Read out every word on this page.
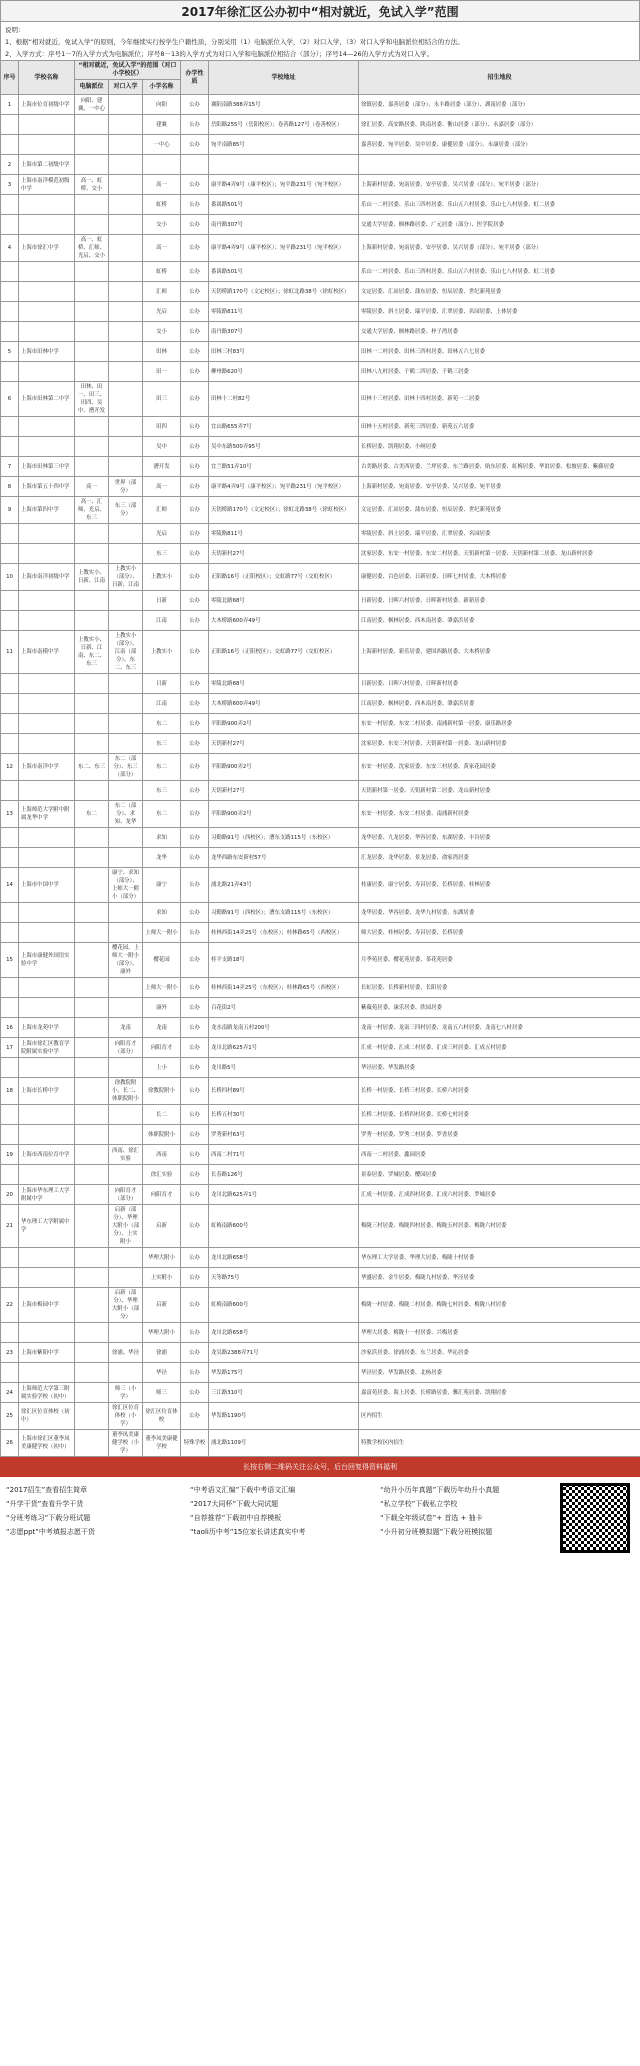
2017年徐汇区公办初中“相对就近，免试入学”范围
说明：
1、根据“相对就近，免试入学”的原则，今年继续实行按学生户籍性质，分别采用（1）电脑派位入学，（2）对口入学，（3）对口入学和电脑派位相结合的方法。
2、入学方式：序号1－7的入学方式为电脑派位；序号8－13的入学方式为对口入学和电脑派位相结合（部分）；序号14—26的入学方式为对口入学。
序号	学校名称	“相对就近，免试入学”的范围（对口小学校区）			办学性质	学校地址	招生地段
		电脑派位	对口入学	小学名称			
1	上海市位育初级中学	向阳、建襄、一中心		向阳	公办	襄阳南路388弄15号	徐镇居委、嘉善居委（部分）、永丰路居委（部分）、湖南居委（部分）
				建襄	公办	岳阳路255号（岳阳校区）；卷善路127号（卷善校区）	徐汇居委、高安路居委、陕南居委、衡山居委（部分）、永嘉居委（部分）
				一中心	公办	宛平南路85号	嘉善居委、宛平居委、吴中居委、康健居委（部分）、永康居委（部分）
2	上海市第二初级中学						
3	上海市南洋模范初级中学	高一、虹桥、交小		高一	公办	康平路4弄9号（康平校区）；宛平路231号（宛平校区）	上海新村居委、宛南居委、安亭居委、吴兴居委（部分）、宛平居委（部分）
				虹桥	公办	番禺路501号	乐山一二村居委、乐山三四村居委、乐山五六村居委、乐山七八村居委、虹二居委
				交小	公办	南丹路307号	交通大学居委、枫林路居委、广元居委（部分）、医学院居委
4	上海市徐汇中学	高一、虹桥、汇师、光启、交小		高一	公办	康平路4弄9号（康平校区）；宛平路231号（宛平校区）	上海新村居委、宛南居委、安亭居委、吴兴居委（部分）、宛平居委（部分）
				虹桥	公办	番禺路501号	乐山一二村居委、乐山三四村居委、乐山五六村居委、乐山七八村居委、虹二居委
				汇师	公办	天钥桥路170号（文定校区）；徐虹北路38号（徐虹校区）	文定居委、汇站居委、蒲东居委、恒辰居委、世纪新苑居委
				光启	公办	零陵路811号	零陵居委、斜土居委、瑞平居委、汇翠居委、名园居委、上体居委
				交小	公办	南丹路307号	交通大学居委、枫林路居委、梓子湾居委
5	上海市田林中学			田林	公办	田林三村83号	田林一二村居委、田林三四村居委、田林五六七居委
				田一	公办	柳州路620号	田林八九村居委、千鹤二四居委、千鹤三居委
6	上海市田林第二中学	田林、田一、田三、田四、吴中、漕开发		田三	公办	田林十二村82号	田林十三村居委、田林十四村居委、新苑一二居委
				田四	公办	宜山路655弄7号	田林十五村居委、新苑三四居委、新苑五六居委
				吴中	公办	吴中东路500弄95号	长桥居委、凯翔居委、小闸居委
7	上海市田林第三中学			漕开发	公办	宜兰路51弄10号	古美路居委、古美西居委、兰坪居委、东兰路居委、航东居委、虹梅居委、华谊居委、松坡居委、紫藤居委
8	上海市第五十四中学	高一	世界（部分）	高一	公办	康平路4弄9号（康平校区）；宛平路231号（宛平校区）	上海新村居委、宛南居委、安亭居委、吴兴居委、宛平居委
9	上海市第四中学	高一、汇师、光启、东三	东三（部分）	汇师	公办	天钥桥路170号（文定校区）；徐虹北路38号（徐虹校区）	文定居委、汇站居委、蒲东居委、恒辰居委、世纪新苑居委
				光启	公办	零陵路811号	零陵居委、斜土居委、瑞平居委、汇翠居委、名园居委
				东三	公办	天钥新村27号	沈家居委、东安一村居委、东安二村居委、天钥新村第一居委、天钥新村第二居委、龙山新村居委
10	上海市南洋初级中学	上教实小、日新、江南	上教实小（部分）、日新、江南	上教实小	公办	正阳路16号（正阳校区）；交虹路77号（交虹校区）	康健居委、百色居委、日新居委、日晖七村居委、大木桥居委
				日新	公办	零陵北路68号	日新居委、日晖六村居委、日晖新村居委、新新居委
				江南	公办	大木桥路600弄49号	江南居委、枫林居委、西木南居委、肇嘉浜居委
11	上海市南模中学	上教实小、日新、江南、东二、东三	上教实小（部分）、江南（部分）、东二、东三	上教实小	公办	正阳路16号（正阳校区）；交虹路77号（交虹校区）	上海新村居委、新乐居委、建国西路居委、大木桥居委
				日新	公办	零陵北路68号	日新居委、日晖六村居委、日晖新村居委
				江南	公办	大木桥路600弄49号	江南居委、枫林居委、西木南居委、肇嘉浜居委
				东二	公办	平阳路900弄2号	东安一村居委、东安二村居委、南浦新村第一居委、康乐路居委
				东三	公办	天钥新村27号	沈家居委、东安三村居委、天钥新村第一居委、龙山新村居委
12	上海市南洋中学	东二、东三	东二（部分）、东三（部分）	东二	公办	平阳路900弄2号	东安一村居委、沈家居委、东安三村居委、黄家花园居委
				东三	公办	天钥新村27号	天钥新村第一居委、天钥新村第二居委、龙山新村居委
13	上海师范大学附中附属龙华中学	东二	东二（部分）、求知、龙华	东二	公办	平阳路900弄2号	东安一村居委、东安二村居委、南浦新村居委
				求知	公办	习勤路91号（西校区）；漕东支路115号（东校区）	龙华居委、九龙居委、华容居委、东湖居委、丰谷居委
				龙华	公办	龙华西路东安新村57号	汇龙居委、龙华居委、景龙居委、俞家湾居委
14	上海市中国中学		康宁、求知（部分）、上师大一附小（部分）	康宁	公办	浦北路21弄43号	桂康居委、康宁居委、寿昌居委、长桥居委、桂林居委
				求知	公办	习勤路91号（西校区）；漕东支路115号（东校区）	龙华居委、华容居委、龙华九村居委、东湖居委
				上师大一附小	公办	桂林西街14弄25号（东校区）；桂林路65号（西校区）	师大居委、桂林居委、寿昌居委、长桥居委
15	上海市康健外国语实验中学		樱花园、上师大一附小（部分）、康外	樱花园	公办	桂平支路18号	月季苑居委、樱花苑居委、茶花苑居委
				上师大一附小	公办	桂林西街14弄25号（东校区）；桂林路65号（西校区）	长虹居委、长桥新村居委、长阳居委
				康外	公办	百花街2号	紫薇苑居委、康乐居委、欣园居委
16	上海市龙苑中学		龙南	龙南	公办	龙水南路龙南五村200号	龙南一村居委、龙南三四村居委、龙南五六村居委、龙南七八村居委
17	上海市徐汇区教育学院附属实验中学		向阳育才（部分）	向阳育才	公办	龙川北路625弄1号	汇成一村居委、汇成二村居委、汇成三村居委、汇成五村居委
				上小	公办	龙川路5号	华泾居委、华发路居委
18	上海市长桥中学		徐教院附小、长二、体职院附小	徐教院附小	公办	长桥四村89号	长桥一村居委、长桥三村居委、长桥六村居委
				长二	公办	长桥五村30号	长桥二村居委、长桥四村居委、长桥七村居委
				体职院附小	公办	罗秀新村63号	罗秀一村居委、罗秀二村居委、罗香居委
19	上海市西南位育中学		西南、徐汇实验	西南	公办	西南二村71号	西南一二村居委、鑫园居委
				徐汇实验	公办	长春路126号	景泰居委、罗城居委、樱园居委
20	上海市华东理工大学附属中学		向阳育才（部分）	向阳育才	公办	龙川北路625弄1号	汇成一村居委、汇成四村居委、汇成六村居委、罗城居委
21	华东理工大学附属中学		启新（部分）、华理大附小（部分）、上实附小	启新	公办	虹梅南路600号	梅陇三村居委、梅陇四村居委、梅陇五村居委、梅陇六村居委
				华理大附小	公办	龙川北路658号	华东理工大学居委、华理大居委、梅陇十村居委
				上实附小	公办	天等路75号	华盛居委、金牛居委、梅陇九村居委、华泾居委
22	上海市梅园中学		启新（部分）、华理大附小（部分）	启新	公办	虹梅南路600号	梅陇一村居委、梅陇二村居委、梅陇七村居委、梅陇八村居委
				华理大附小	公办	龙川北路658号	华理大居委、梅陇十一村居委、兴梅居委
23	上海市紫阳中学		徐浦、华泾	徐浦	公办	龙吴路2388弄71号	沙家浜居委、徐浦居委、东兰居委、华沁居委
				华泾	公办	华发路175号	华泾居委、华发路居委、北杨居委
24	上海师范大学第三附属实验学校（初中）		师三（小学）	师三	公办	三江路310号	嘉富苑居委、海上居委、长桥路居委、馨汇苑居委、凯翔居委
25	徐汇区位育体校（初中）		徐汇区位育体校（小学）	徐汇区位育体校	公办	华发路1190号	区内招生
26	上海市徐汇区董李凤美康健学校（初中）		董李凤美康健学校（小学）	董李凤美康健学校	特殊学校	浦北路1109号	特教学校区内招生
长按右侧二维码关注公众号，后台回复得资料福利
“2017招生”查看招生简章
“升学干货”查看升学干货
“分班考练习”下载分班试题
“志愿ppt”中考填报志愿干货
“中考语文汇编”下载中考语文汇编
“2017大同杯”下载大同试题
“自荐推荐”下载初中自荐模板
“taoli历中考”15位家长讲述真实中考
“幼升小历年真题”下载历年幼升小真题
“私立学校”下载私立学校
“下载全年级试卷”+ 首选 + 抽卡
“小升初分班模拟题”下载分班模拟题
